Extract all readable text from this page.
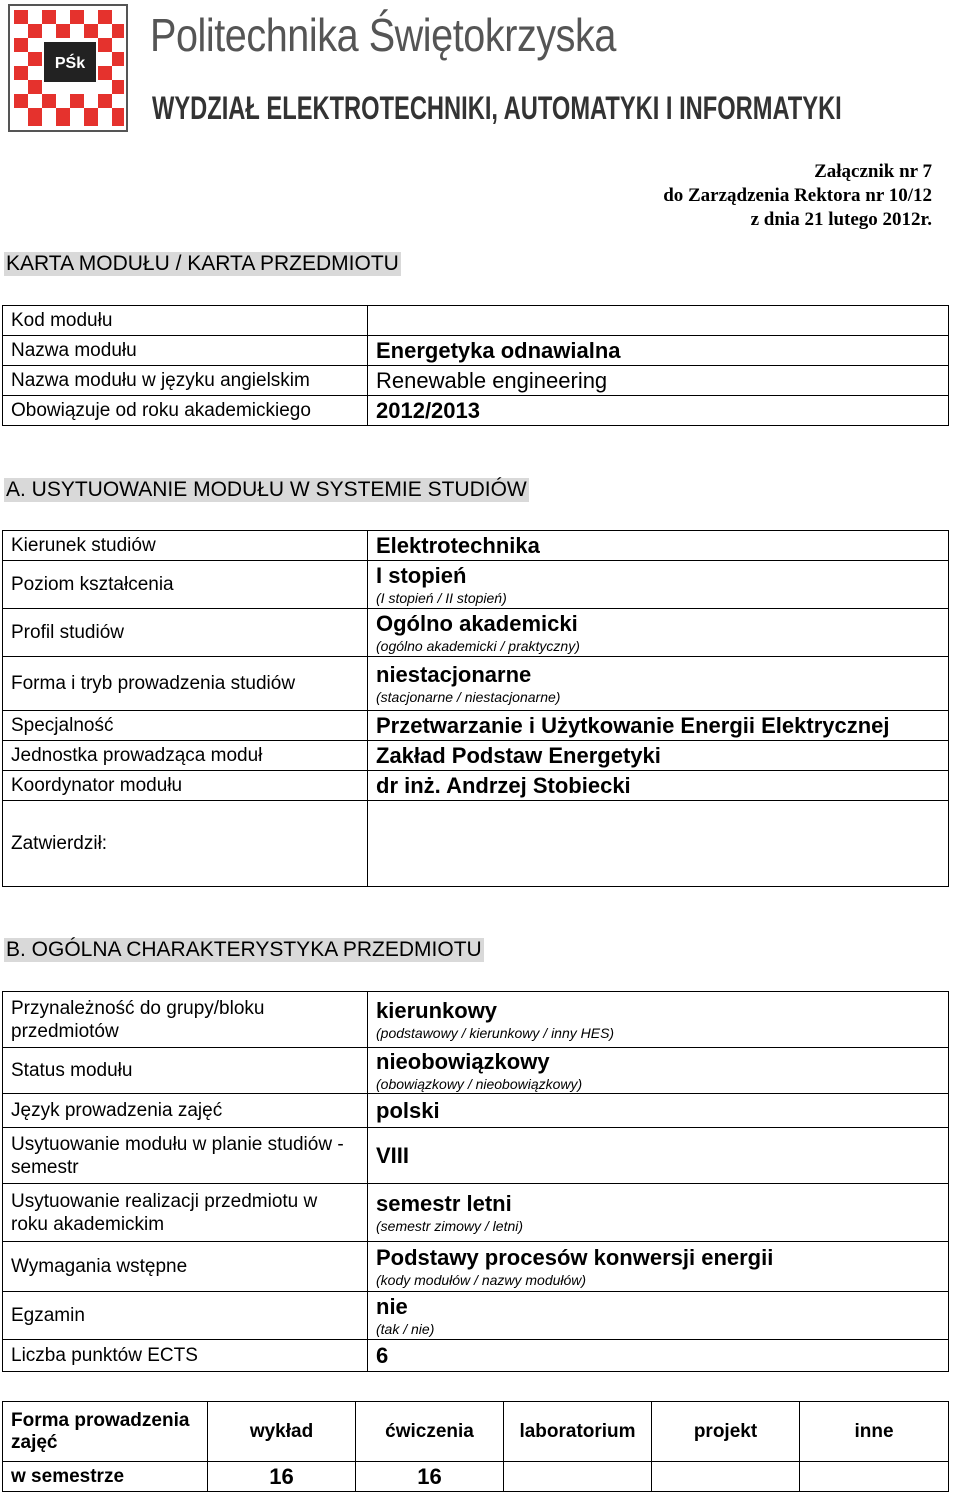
PŚk
Politechnika Świętokrzyska
WYDZIAŁ ELEKTROTECHNIKI, AUTOMATYKI I INFORMATYKI
Załącznik nr 7
do Zarządzenia Rektora nr 10/12
z dnia 21 lutego 2012r.
KARTA MODUŁU / KARTA PRZEDMIOTU
Kod modułu	
Nazwa modułu	Energetyka odnawialna
Nazwa modułu w języku angielskim	Renewable engineering
Obowiązuje od roku akademickiego	2012/2013
A. USYTUOWANIE MODUŁU W SYSTEMIE STUDIÓW
Kierunek studiów	Elektrotechnika
Poziom kształcenia	I stopień
(I stopień / II stopień)

Profil studiów	Ogólno akademicki
(ogólno akademicki / praktyczny)

Forma i tryb prowadzenia studiów	niestacjonarne
(stacjonarne / niestacjonarne)

Specjalność	Przetwarzanie i Użytkowanie Energii Elektrycznej
Jednostka prowadząca moduł	Zakład Podstaw Energetyki
Koordynator modułu	dr inż. Andrzej Stobiecki
Zatwierdził:	
B. OGÓLNA CHARAKTERYSTYKA PRZEDMIOTU
Przynależność do grupy/bloku przedmiotów	kierunkowy
(podstawowy / kierunkowy / inny HES)

Status modułu	nieobowiązkowy
(obowiązkowy / nieobowiązkowy)

Język prowadzenia zajęć	polski
Usytuowanie modułu w planie studiów - semestr	VIII
Usytuowanie realizacji przedmiotu w roku akademickim	semestr letni
(semestr zimowy / letni)

Wymagania wstępne	Podstawy procesów konwersji energii
(kody modułów / nazwy modułów)

Egzamin	nie
(tak / nie)

Liczba punktów ECTS	6
Forma prowadzenia zajęć	wykład	ćwiczenia	laboratorium	projekt	inne
w semestrze	16	16			
